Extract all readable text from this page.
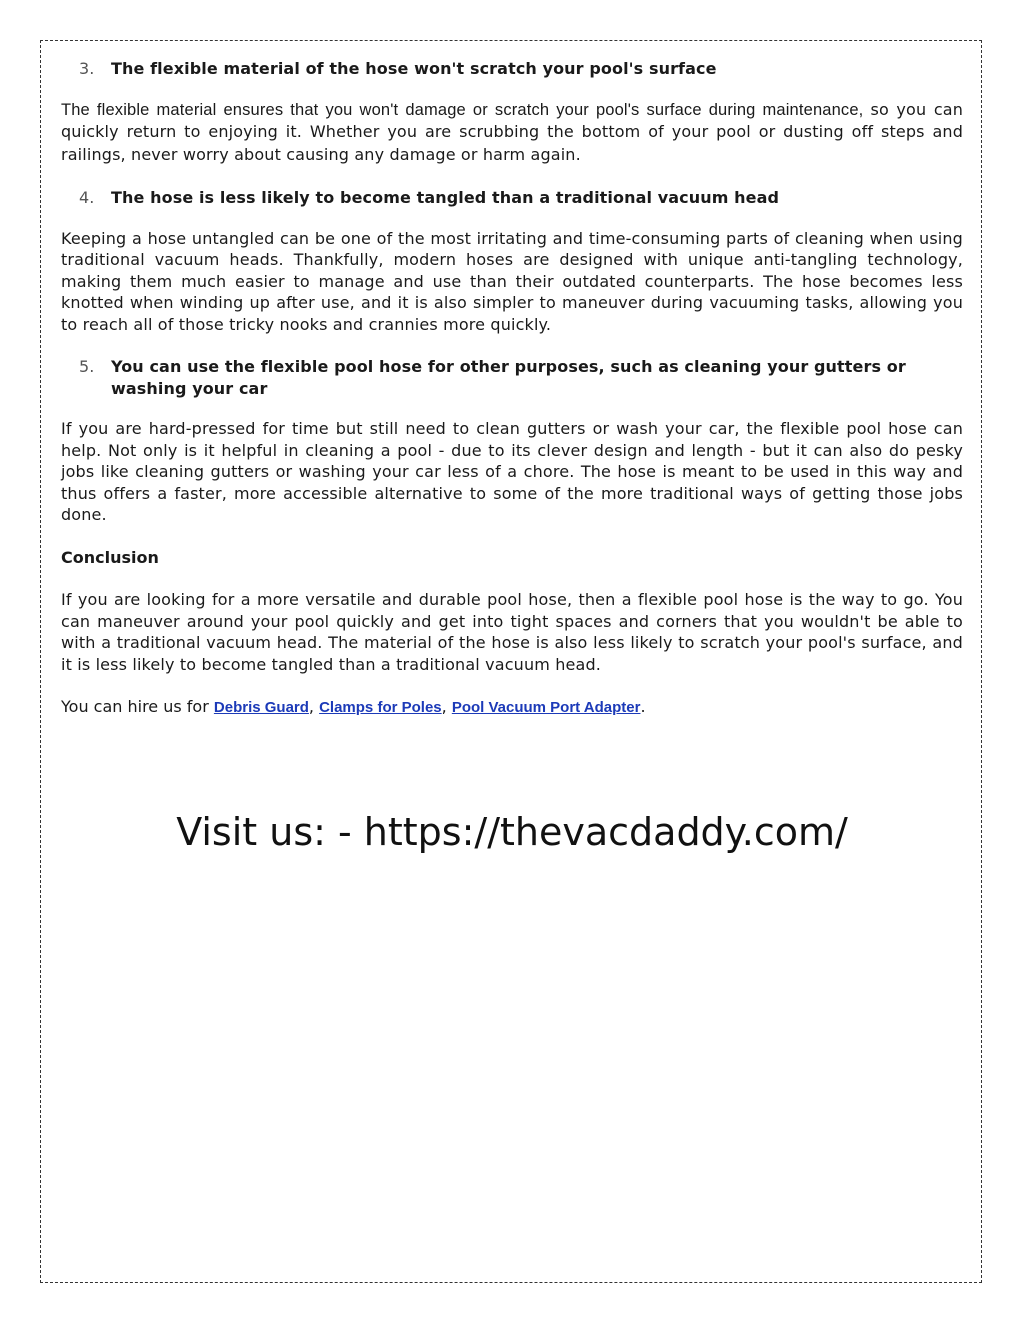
3. The flexible material of the hose won't scratch your pool's surface

The flexible material ensures that you won't damage or scratch your pool's surface during maintenance, so you can quickly return to enjoying it. Whether you are scrubbing the bottom of your pool or dusting off steps and railings, never worry about causing any damage or harm again.

4. The hose is less likely to become tangled than a traditional vacuum head

Keeping a hose untangled can be one of the most irritating and time-consuming parts of cleaning when using traditional vacuum heads. Thankfully, modern hoses are designed with unique anti-tangling technology, making them much easier to manage and use than their outdated counterparts. The hose becomes less knotted when winding up after use, and it is also simpler to maneuver during vacuuming tasks, allowing you to reach all of those tricky nooks and crannies more quickly.

5. You can use the flexible pool hose for other purposes, such as cleaning your gutters or washing your car

If you are hard-pressed for time but still need to clean gutters or wash your car, the flexible pool hose can help. Not only is it helpful in cleaning a pool - due to its clever design and length - but it can also do pesky jobs like cleaning gutters or washing your car less of a chore. The hose is meant to be used in this way and thus offers a faster, more accessible alternative to some of the more traditional ways of getting those jobs done.

Conclusion

If you are looking for a more versatile and durable pool hose, then a flexible pool hose is the way to go. You can maneuver around your pool quickly and get into tight spaces and corners that you wouldn't be able to with a traditional vacuum head. The material of the hose is also less likely to scratch your pool's surface, and it is less likely to become tangled than a traditional vacuum head.

You can hire us for Debris Guard, Clamps for Poles, Pool Vacuum Port Adapter.

Visit us: - https://thevacdaddy.com/
